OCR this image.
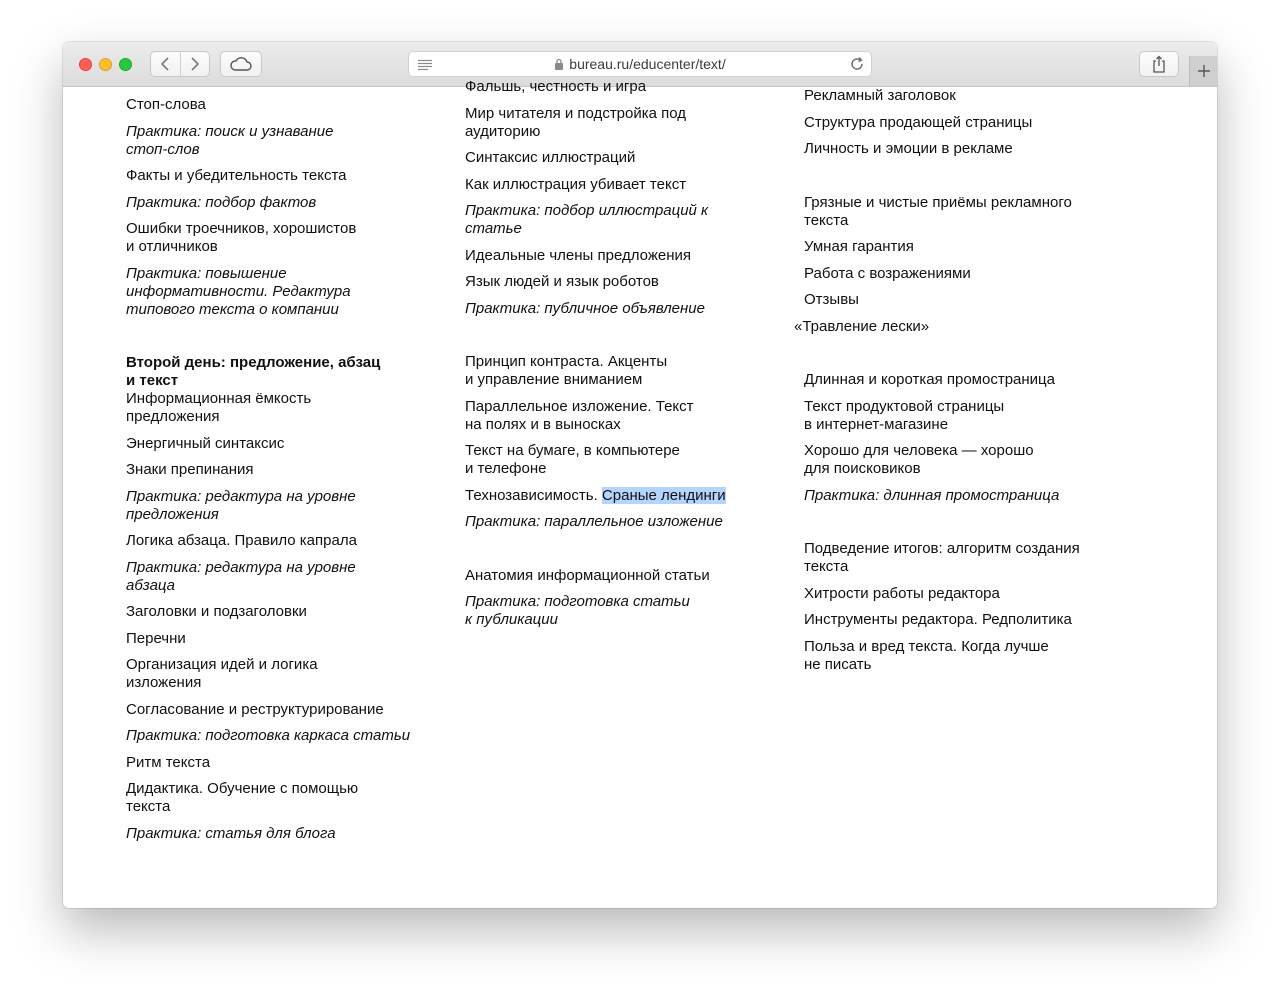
bureau.ru/educenter/text/
Стоп-слова
Практика: поиск и узнавание
стоп-слов
Факты и убедительность текста
Практика: подбор фактов
Ошибки троечников, хорошистов
и отличников
Практика: повышение
информативности. Редактура
типового текста о компании
Второй день: предложение, абзац
и текст
Информационная ёмкость
предложения
Энергичный синтаксис
Знаки препинания
Практика: редактура на уровне
предложения
Логика абзаца. Правило капрала
Практика: редактура на уровне
абзаца
Заголовки и подзаголовки
Перечни
Организация идей и логика
изложения
Согласование и реструктурирование
Практика: подготовка каркаса статьи
Ритм текста
Дидактика. Обучение с помощью
текста
Практика: статья для блога
Фальшь, честность и игра
Мир читателя и подстройка под
аудиторию
Синтаксис иллюстраций
Как иллюстрация убивает текст
Практика: подбор иллюстраций к
статье
Идеальные члены предложения
Язык людей и язык роботов
Практика: публичное объявление
Принцип контраста. Акценты
и управление вниманием
Параллельное изложение. Текст
на полях и в выносках
Текст на бумаге, в компьютере
и телефоне
Технозависимость. Сраные лендинги
Практика: параллельное изложение
Анатомия информационной статьи
Практика: подготовка статьи
к публикации
Рекламный заголовок
Структура продающей страницы
Личность и эмоции в рекламе
Грязные и чистые приёмы рекламного
текста
Умная гарантия
Работа с возражениями
Отзывы
«Травление лески»
Длинная и короткая промостраница
Текст продуктовой страницы
в интернет-магазине
Хорошо для человека — хорошо
для поисковиков
Практика: длинная промостраница
Подведение итогов: алгоритм создания
текста
Хитрости работы редактора
Инструменты редактора. Редполитика
Польза и вред текста. Когда лучше
не писать
